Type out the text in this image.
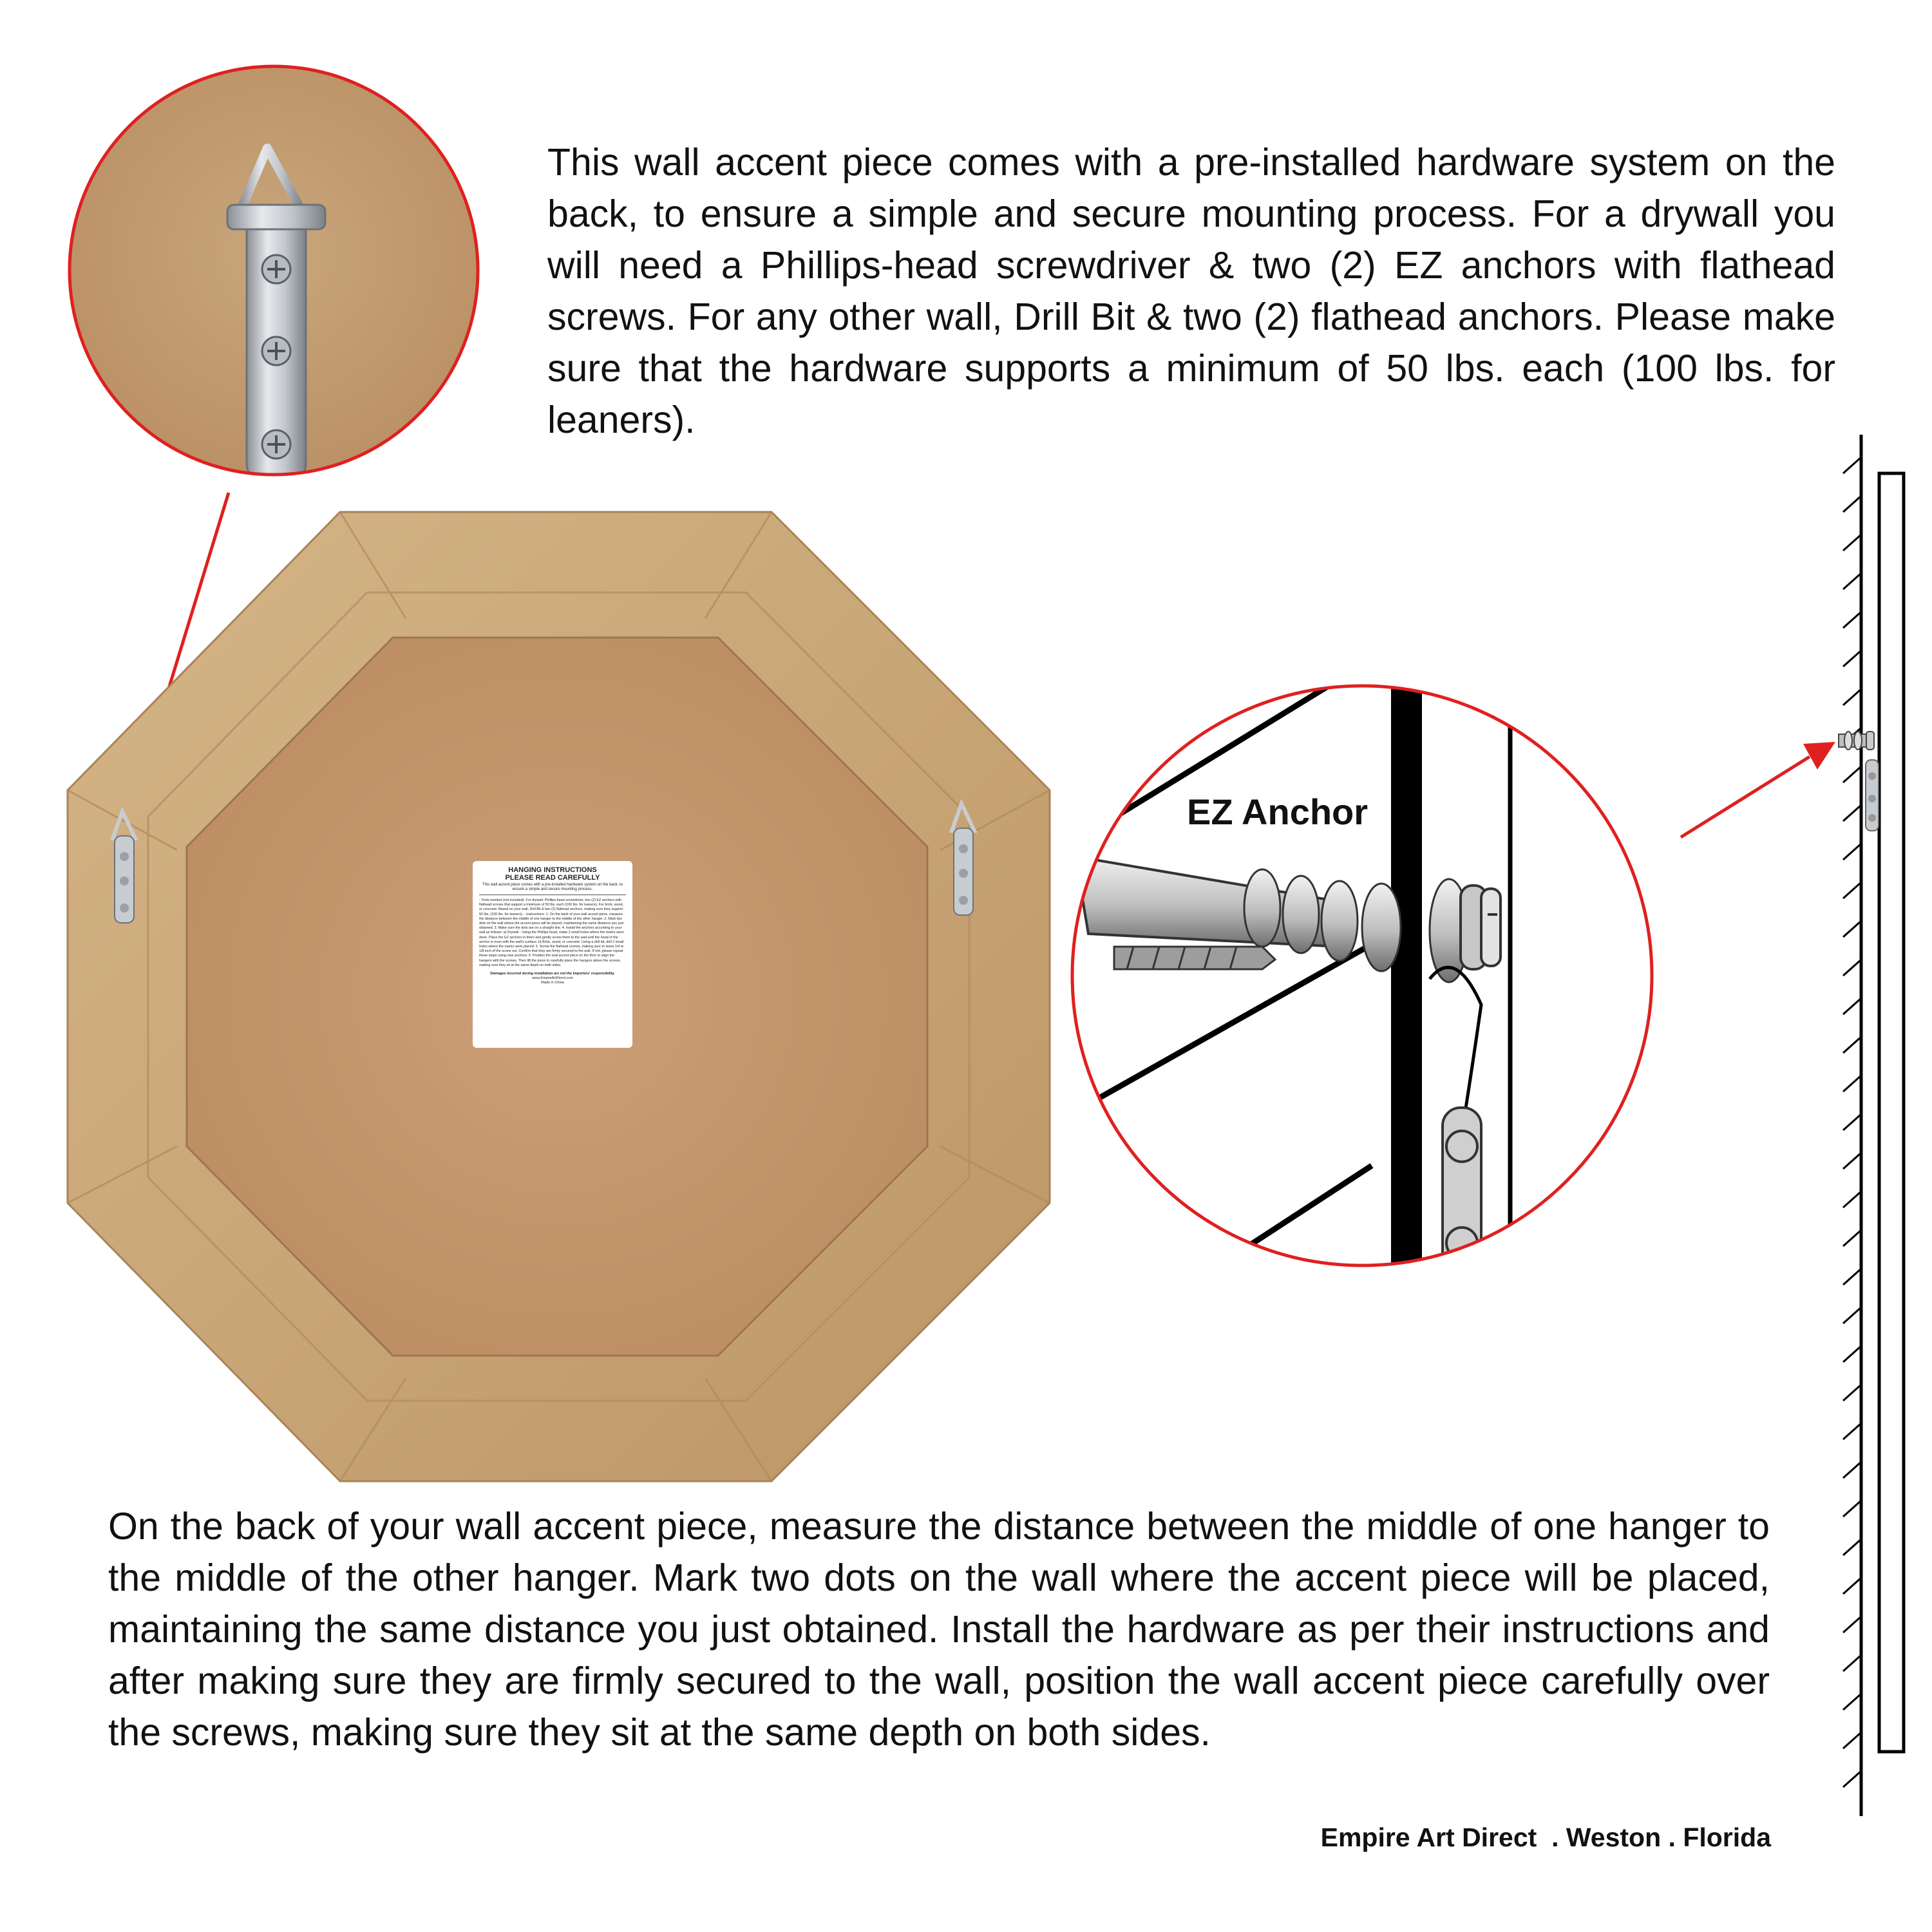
HANGING INSTRUCTIONS
PLEASE READ CAREFULLY
This wall accent piece comes with a pre-installed hardware system on the back, to ensure a simple and secure mounting process.
- Tools needed (not included): For drywall: Phillips-head screwdriver, two (2) EZ anchors with flathead screws that support a minimum of 50 lbs. each (100 lbs. for leaners). For brick, wood, or concrete: Based on your wall, Drill Bit & two (2) flathead anchors, making sure they support 50 lbs. (100 lbs. for leaners). - Instructions: 1. On the back of your wall accent piece, measure the distance between the middle of one hanger to the middle of the other hanger. 2. Mark two dots on the wall where the accent piece will be placed, maintaining the same distance you just obtained. 3. Make sure the dots are on a straight line. 4. Install the anchors according to your wall as follows: a) Drywall - Using the Phillips head, make 2 small holes where the marks were done. Place the EZ anchors in them and gently screw them to the wall until the head of the anchor is even with the wall's surface. b) Brick, wood, or concrete: Using a drill bit, drill 2 small holes where the marks were placed. 5. Screw the flathead screws, making sure to leave 1/4 to 1/8 inch of the screw out. Confirm that they are firmly secured to the wall. If not, please repeat these steps using new anchors. 6. Position the wall accent piece on the floor to align the hangers with the screws. Then lift the piece to carefully place the hangers above the screws, making sure they sit at the same depth on both sides.
Damages incurred during installation are not the importers' responsibility.
www.EmpireArtDirect.com
Made in China
EZ Anchor
This wall accent piece comes with a pre-installed hardware system on the back, to ensure a simple and secure mounting process. For a drywall you will need a Phillips-head screwdriver & two (2) EZ anchors with flathead screws. For any other wall, Drill Bit & two (2) flathead anchors. Please make sure that the hardware supports a minimum of 50 lbs. each (100 lbs. for leaners).
On the back of your wall accent piece, measure the distance between the middle of one hanger to the middle of the other hanger. Mark two dots on the wall where the accent piece will be placed, maintaining the same distance you just obtained. Install the hardware as per their instructions and after making sure they are firmly secured to the wall, position the wall accent piece carefully over the screws, making sure they sit at the same depth on both sides.
Empire Art Direct  . Weston . Florida
